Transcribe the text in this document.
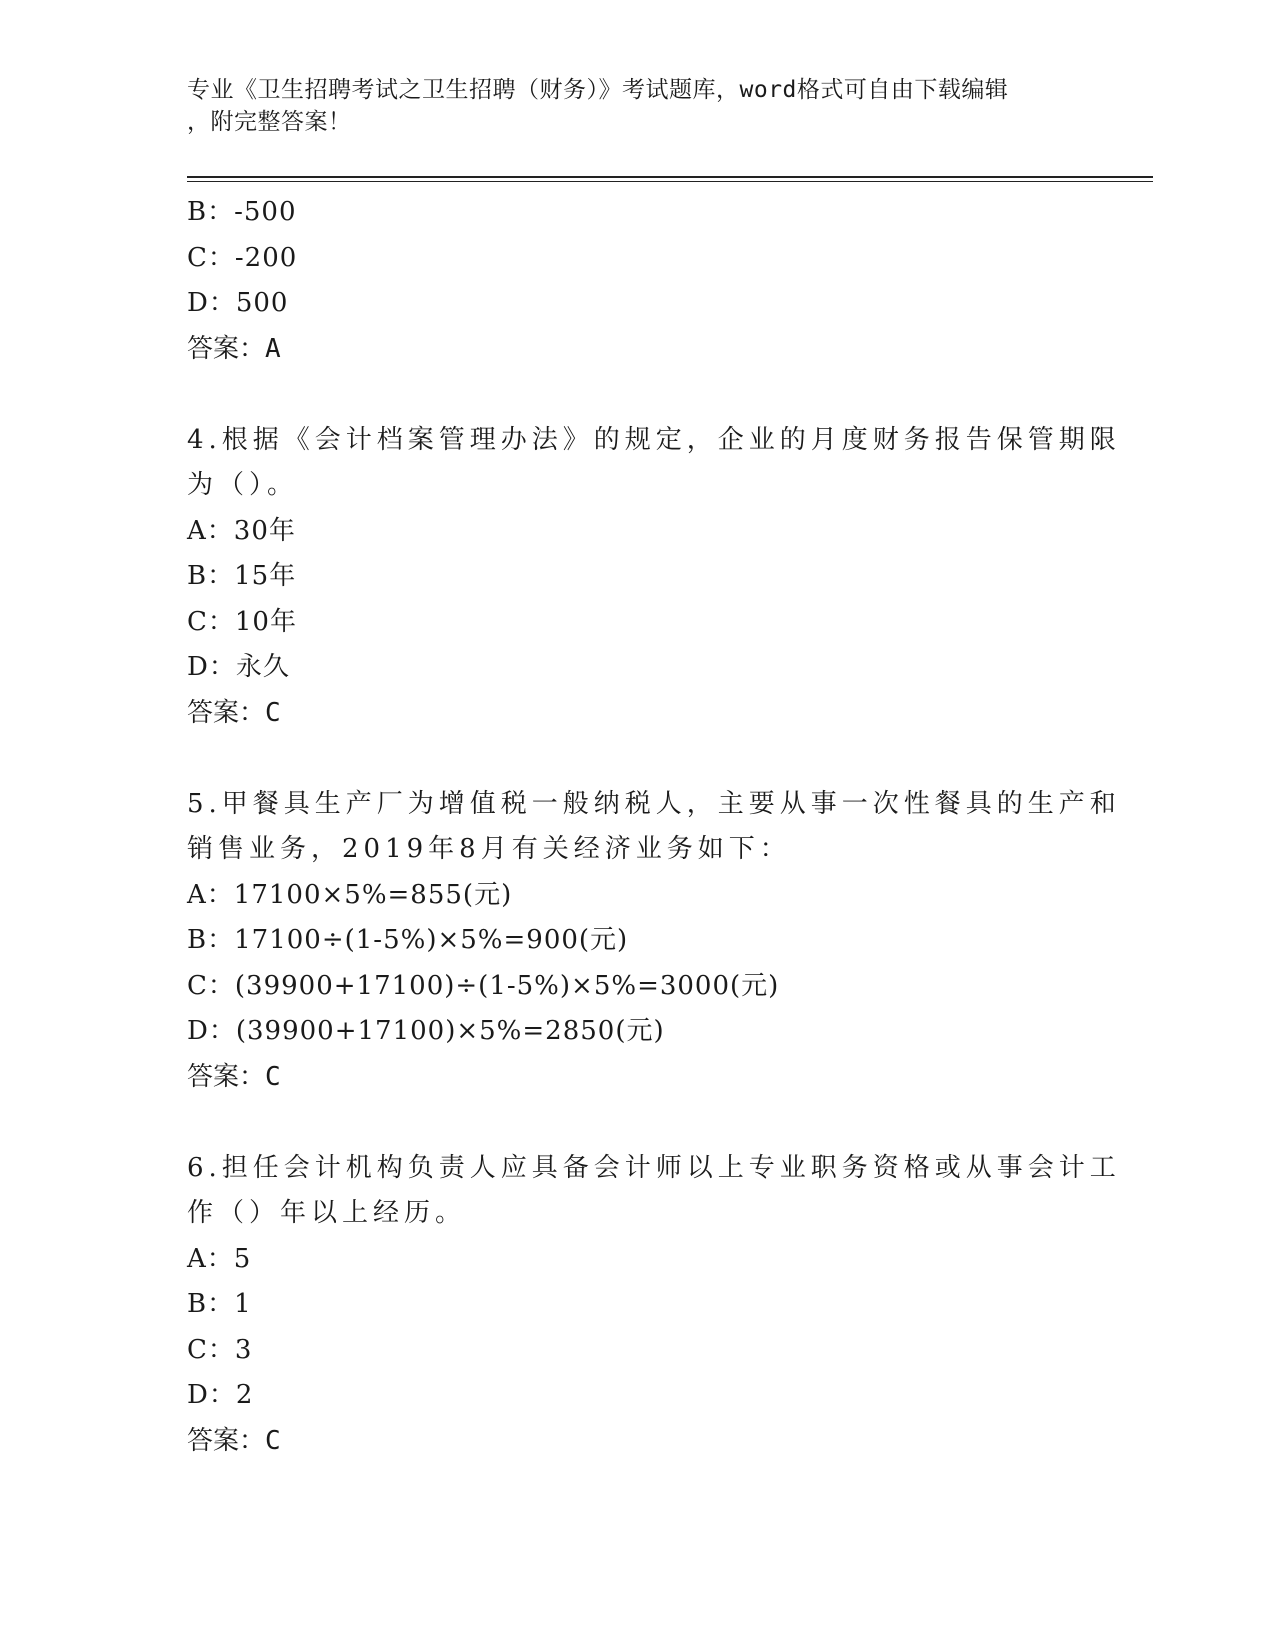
专业《卫生招聘考试之卫生招聘（财务）》考试题库，word格式可自由下载编辑
，附完整答案！
B：-500
C：-200
D：500
答案：A
4.根据《会计档案管理办法》的规定，企业的月度财务报告保管期限
为（）。
A：30年
B：15年
C：10年
D：永久
答案：C
5.甲餐具生产厂为增值税一般纳税人，主要从事一次性餐具的生产和
销售业务，2019年8月有关经济业务如下：
A：17100×5%=855(元)
B：17100÷(1-5%)×5%=900(元)
C：(39900+17100)÷(1-5%)×5%=3000(元)
D：(39900+17100)×5%=2850(元)
答案：C
6.担任会计机构负责人应具备会计师以上专业职务资格或从事会计工
作（）年以上经历。
A：5
B：1
C：3
D：2
答案：C
